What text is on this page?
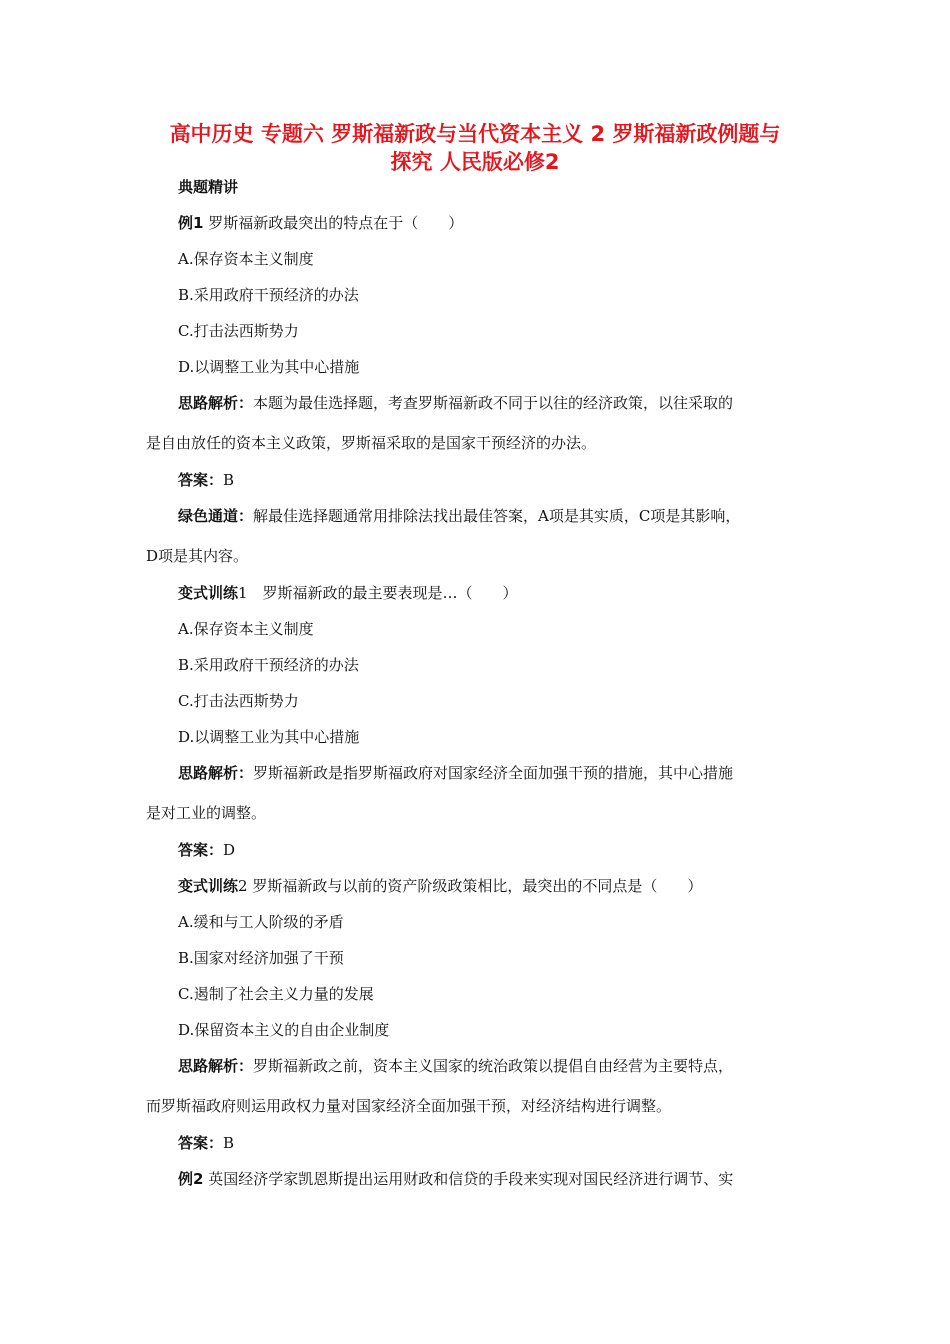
高中历史 专题六 罗斯福新政与当代资本主义 2 罗斯福新政例题与
探究 人民版必修2
典题精讲
例1 罗斯福新政最突出的特点在于（　　）
A.保存资本主义制度
B.采用政府干预经济的办法
C.打击法西斯势力
D.以调整工业为其中心措施
思路解析：本题为最佳选择题，考查罗斯福新政不同于以往的经济政策，以往采取的
是自由放任的资本主义政策，罗斯福采取的是国家干预经济的办法。
答案：B
绿色通道：解最佳选择题通常用排除法找出最佳答案，A项是其实质，C项是其影响，
D项是其内容。
变式训练1　罗斯福新政的最主要表现是…（　　）
A.保存资本主义制度
B.采用政府干预经济的办法
C.打击法西斯势力
D.以调整工业为其中心措施
思路解析：罗斯福新政是指罗斯福政府对国家经济全面加强干预的措施，其中心措施
是对工业的调整。
答案：D
变式训练2 罗斯福新政与以前的资产阶级政策相比，最突出的不同点是（　　）
A.缓和与工人阶级的矛盾
B.国家对经济加强了干预
C.遏制了社会主义力量的发展
D.保留资本主义的自由企业制度
思路解析：罗斯福新政之前，资本主义国家的统治政策以提倡自由经营为主要特点，
而罗斯福政府则运用政权力量对国家经济全面加强干预，对经济结构进行调整。
答案：B
例2 英国经济学家凯恩斯提出运用财政和信贷的手段来实现对国民经济进行调节、实
